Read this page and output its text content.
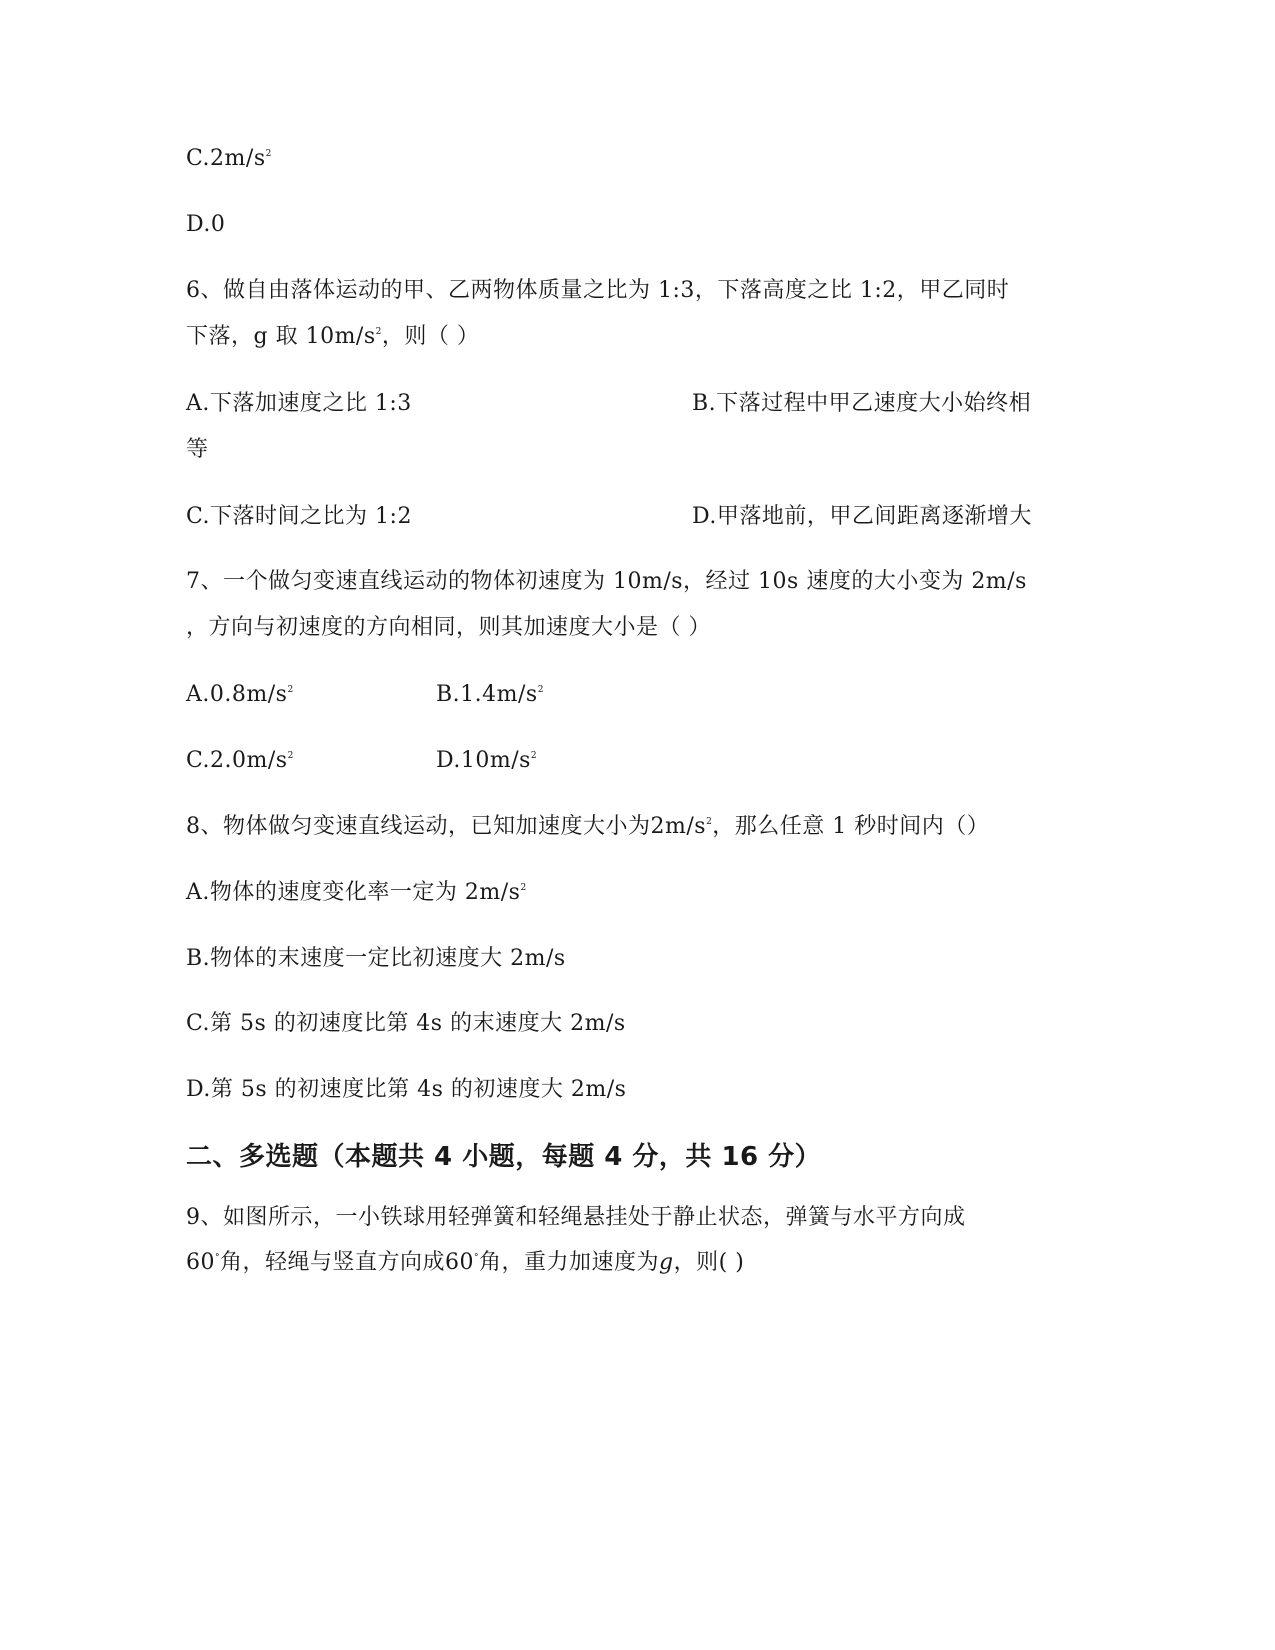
$C.2m/s^2$
D.0
6、做自由落体运动的甲、乙两物体质量之比为 1:3，下落高度之比 1:2，甲乙同时
下落，g 取 $10m/s^2$，则（ ）
A.下落加速度之比 1:3	B.下落过程中甲乙速度大小始终相
等
C.下落时间之比为 1:2	D.甲落地前，甲乙间距离逐渐增大
7、一个做匀变速直线运动的物体初速度为 10m/s，经过 10s 速度的大小变为 2m/s
，方向与初速度的方向相同，则其加速度大小是（ ）
$A.0.8m/s^2$	$B.1.4m/s^2$
$C.2.0m/s^2$	$D.10m/s^2$
8、物体做匀变速直线运动，已知加速度大小为$2m/s^2$，那么任意 1 秒时间内（）
A.物体的速度变化率一定为 $2m/s^2$
B.物体的末速度一定比初速度大 2m/s
C.第 5s 的初速度比第 4s 的末速度大 2m/s
D.第 5s 的初速度比第 4s 的初速度大 2m/s
二、多选题（本题共 4 小题，每题 4 分，共 16 分）
9、如图所示，一小铁球用轻弹簧和轻绳悬挂处于静止状态，弹簧与水平方向成
60°角，轻绳与竖直方向成60°角，重力加速度为g，则( )
